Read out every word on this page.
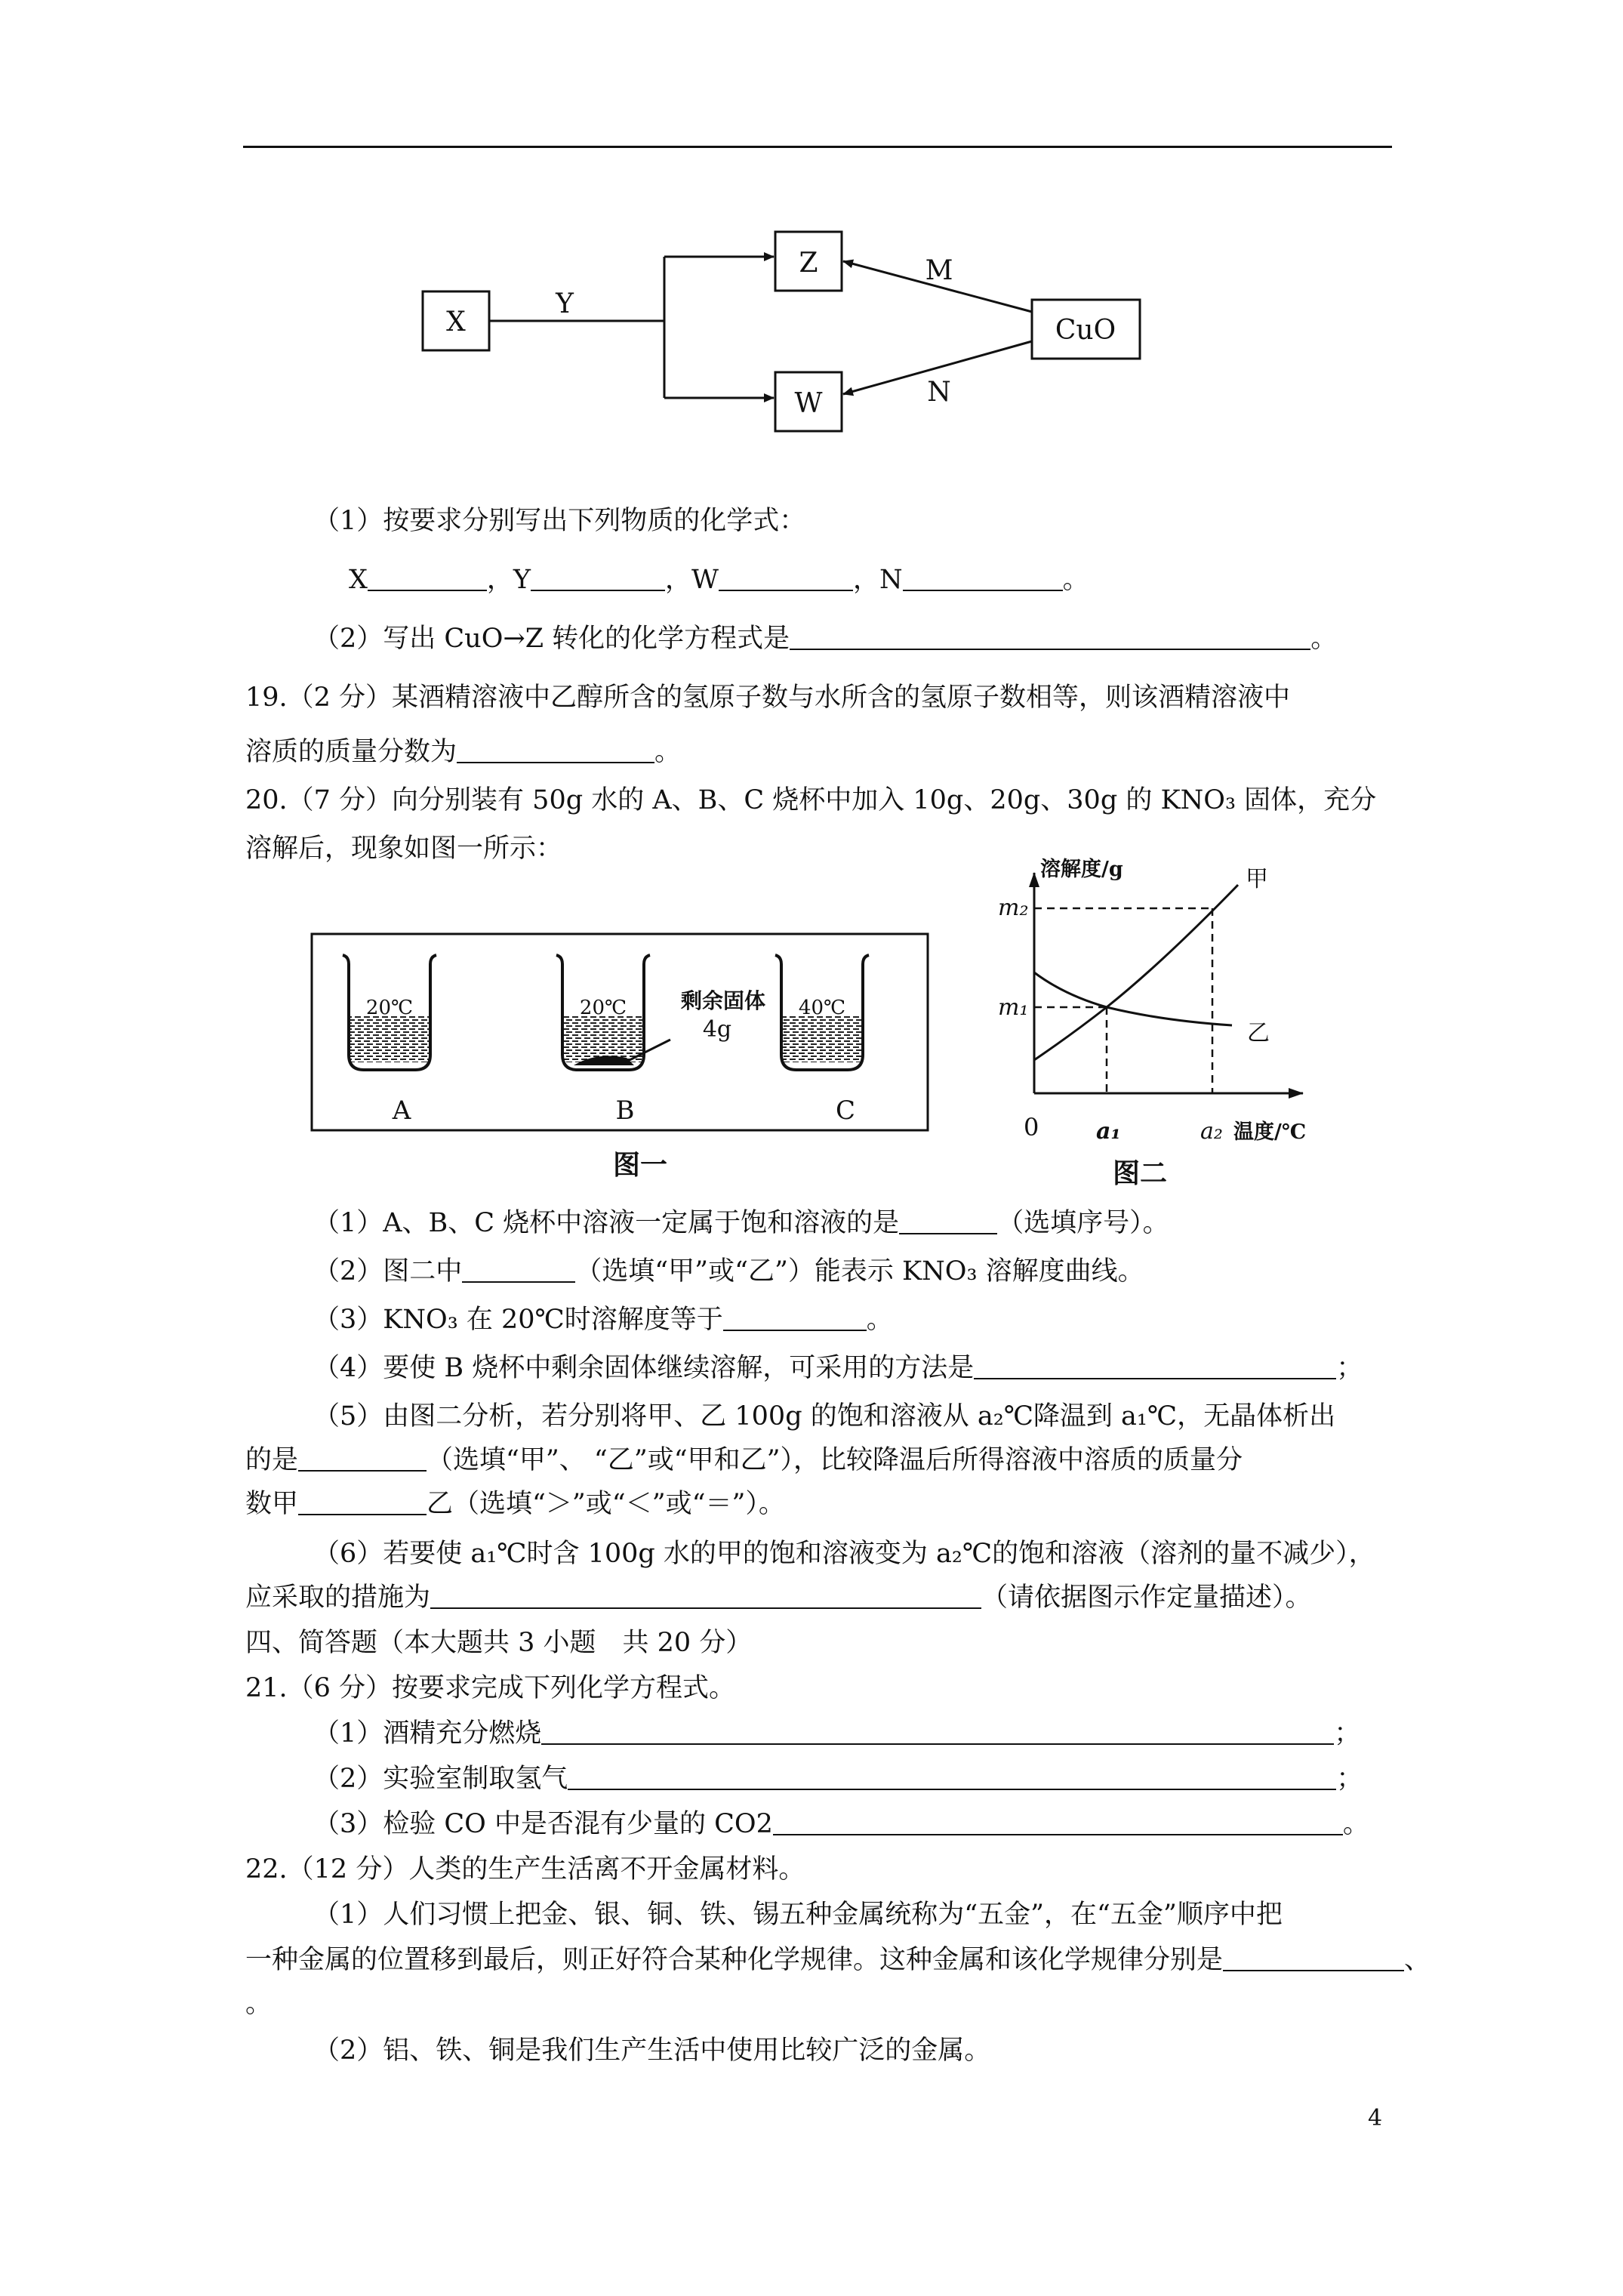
X
Z
W
CuO
Y
M
N
（1）按要求分别写出下列物质的化学式：
X	，Y	，W	，N	。
（2）写出 CuO→Z 转化的化学方程式是	。
19.（2 分）某酒精溶液中乙醇所含的氢原子数与水所含的氢原子数相等，则该酒精溶液中
溶质的质量分数为	。
20.（7 分）向分别装有 50g 水的 A、B、C 烧杯中加入 10g、20g、30g 的 KNO₃ 固体，充分
溶解后，现象如图一所示：
20℃	20℃	40℃
剩余固体
4g
A	B	C
图一
溶解度/g	甲
乙
m₂
m₁
0	a₁	a₂ 温度/℃
图二
（1）A、B、C 烧杯中溶液一定属于饱和溶液的是	（选填序号）。
（2）图二中	（选填“甲”或“乙”）能表示 KNO₃ 溶解度曲线。
（3）KNO₃ 在 20℃时溶解度等于	。
（4）要使 B 烧杯中剩余固体继续溶解，可采用的方法是	；
（5）由图二分析，若分别将甲、乙 100g 的饱和溶液从 a₂℃降温到 a₁℃，无晶体析出
的是	（选填“甲”、 “乙”或“甲和乙”），比较降温后所得溶液中溶质的质量分
数甲	乙（选填“＞”或“＜”或“＝”）。
（6）若要使 a₁℃时含 100g 水的甲的饱和溶液变为 a₂℃的饱和溶液（溶剂的量不减少），
应采取的措施为	（请依据图示作定量描述）。
四、简答题（本大题共 3 小题　共 20 分）
21.（6 分）按要求完成下列化学方程式。
（1）酒精充分燃烧	；
（2）实验室制取氢气	；
（3）检验 CO 中是否混有少量的 CO2	。
22.（12 分）人类的生产生活离不开金属材料。
（1）人们习惯上把金、银、铜、铁、锡五种金属统称为“五金”，在“五金”顺序中把
一种金属的位置移到最后，则正好符合某种化学规律。这种金属和该化学规律分别是	、
。
（2）铝、铁、铜是我们生产生活中使用比较广泛的金属。
4
